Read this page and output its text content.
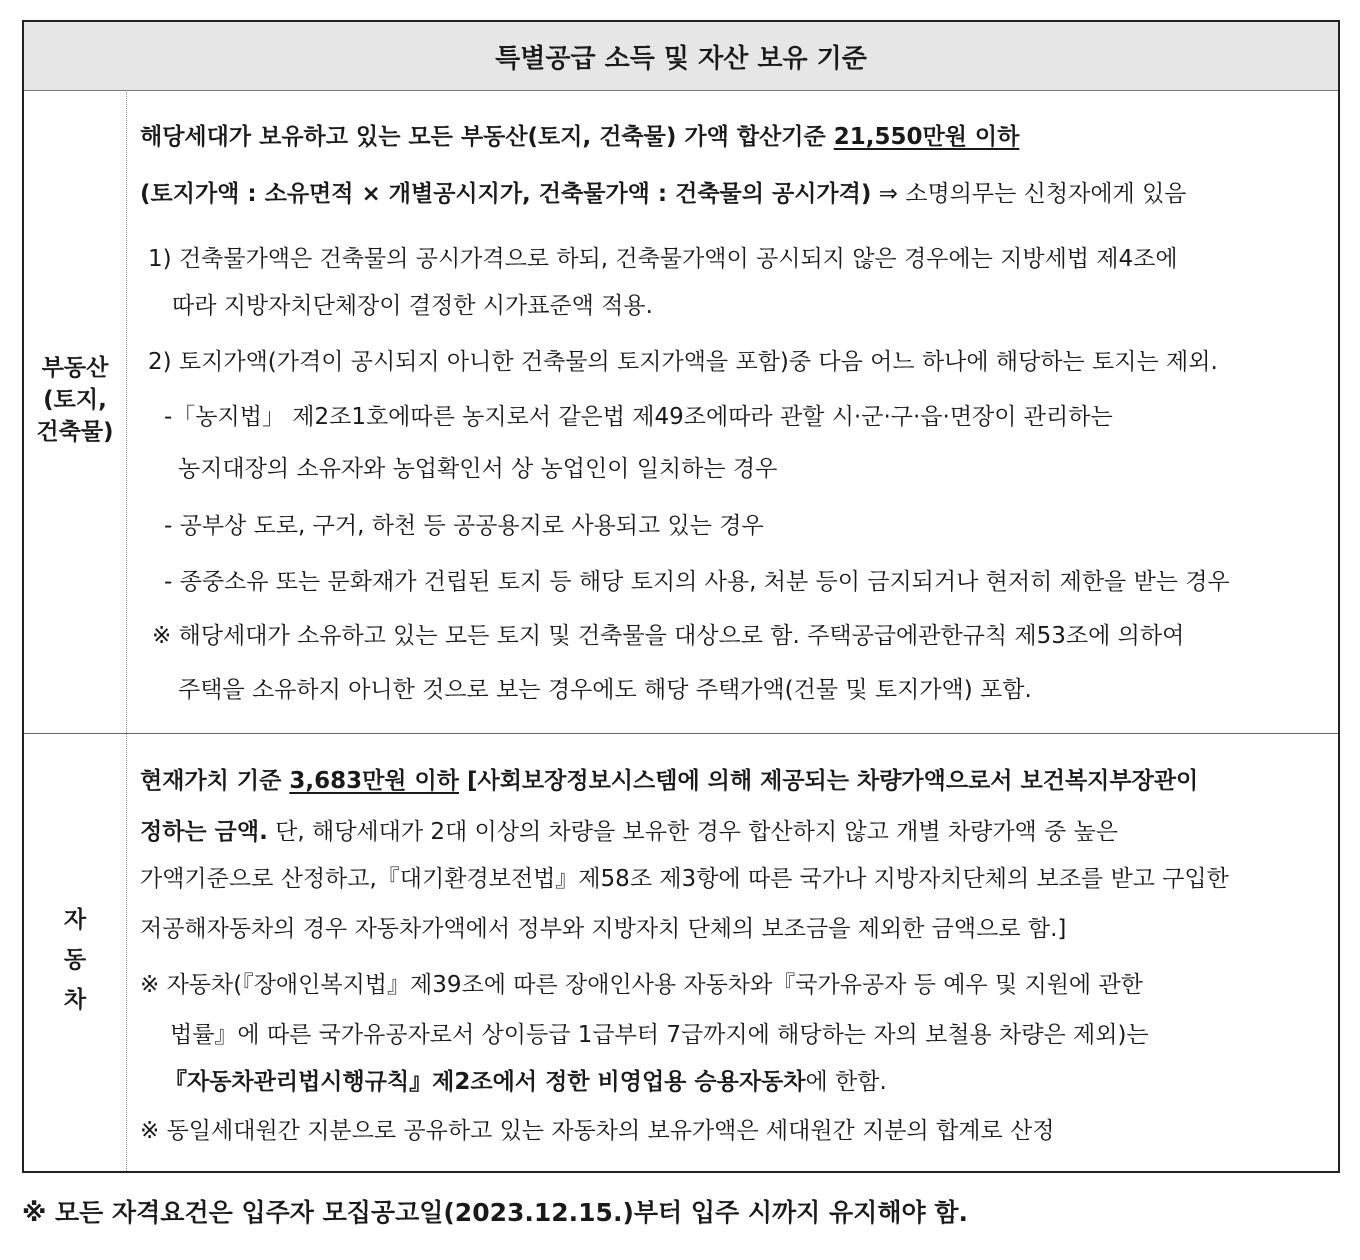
특별공급 소득 및 자산 보유 기준
부동산
(토지,
건축물)
해당세대가 보유하고 있는 모든 부동산(토지, 건축물) 가액 합산기준 21,550만원 이하
(토지가액 : 소유면적 × 개별공시지가, 건축물가액 : 건축물의 공시가격) ⇒ 소명의무는 신청자에게 있음
1) 건축물가액은 건축물의 공시가격으로 하되, 건축물가액이 공시되지 않은 경우에는 지방세법 제4조에
따라 지방자치단체장이 결정한 시가표준액 적용.
2) 토지가액(가격이 공시되지 아니한 건축물의 토지가액을 포함)중 다음 어느 하나에 해당하는 토지는 제외.
-「농지법」 제2조1호에따른 농지로서 같은법 제49조에따라 관할 시·군·구·읍·면장이 관리하는
농지대장의 소유자와 농업확인서 상 농업인이 일치하는 경우
- 공부상 도로, 구거, 하천 등 공공용지로 사용되고 있는 경우
- 종중소유 또는 문화재가 건립된 토지 등 해당 토지의 사용, 처분 등이 금지되거나 현저히 제한을 받는 경우
※ 해당세대가 소유하고 있는 모든 토지 및 건축물을 대상으로 함. 주택공급에관한규칙 제53조에 의하여
주택을 소유하지 아니한 것으로 보는 경우에도 해당 주택가액(건물 및 토지가액) 포함.
자
동
차
현재가치 기준 3,683만원 이하 [사회보장정보시스템에 의해 제공되는 차량가액으로서 보건복지부장관이
정하는 금액. 단, 해당세대가 2대 이상의 차량을 보유한 경우 합산하지 않고 개별 차량가액 중 높은
가액기준으로 산정하고,『대기환경보전법』제58조 제3항에 따른 국가나 지방자치단체의 보조를 받고 구입한
저공해자동차의 경우 자동차가액에서 정부와 지방자치 단체의 보조금을 제외한 금액으로 함.]
※ 자동차(『장애인복지법』제39조에 따른 장애인사용 자동차와『국가유공자 등 예우 및 지원에 관한
법률』에 따른 국가유공자로서 상이등급 1급부터 7급까지에 해당하는 자의 보철용 차량은 제외)는
『자동차관리법시행규칙』제2조에서 정한 비영업용 승용자동차에 한함.
※ 동일세대원간 지분으로 공유하고 있는 자동차의 보유가액은 세대원간 지분의 합계로 산정
※ 모든 자격요건은 입주자 모집공고일(2023.12.15.)부터 입주 시까지 유지해야 함.
